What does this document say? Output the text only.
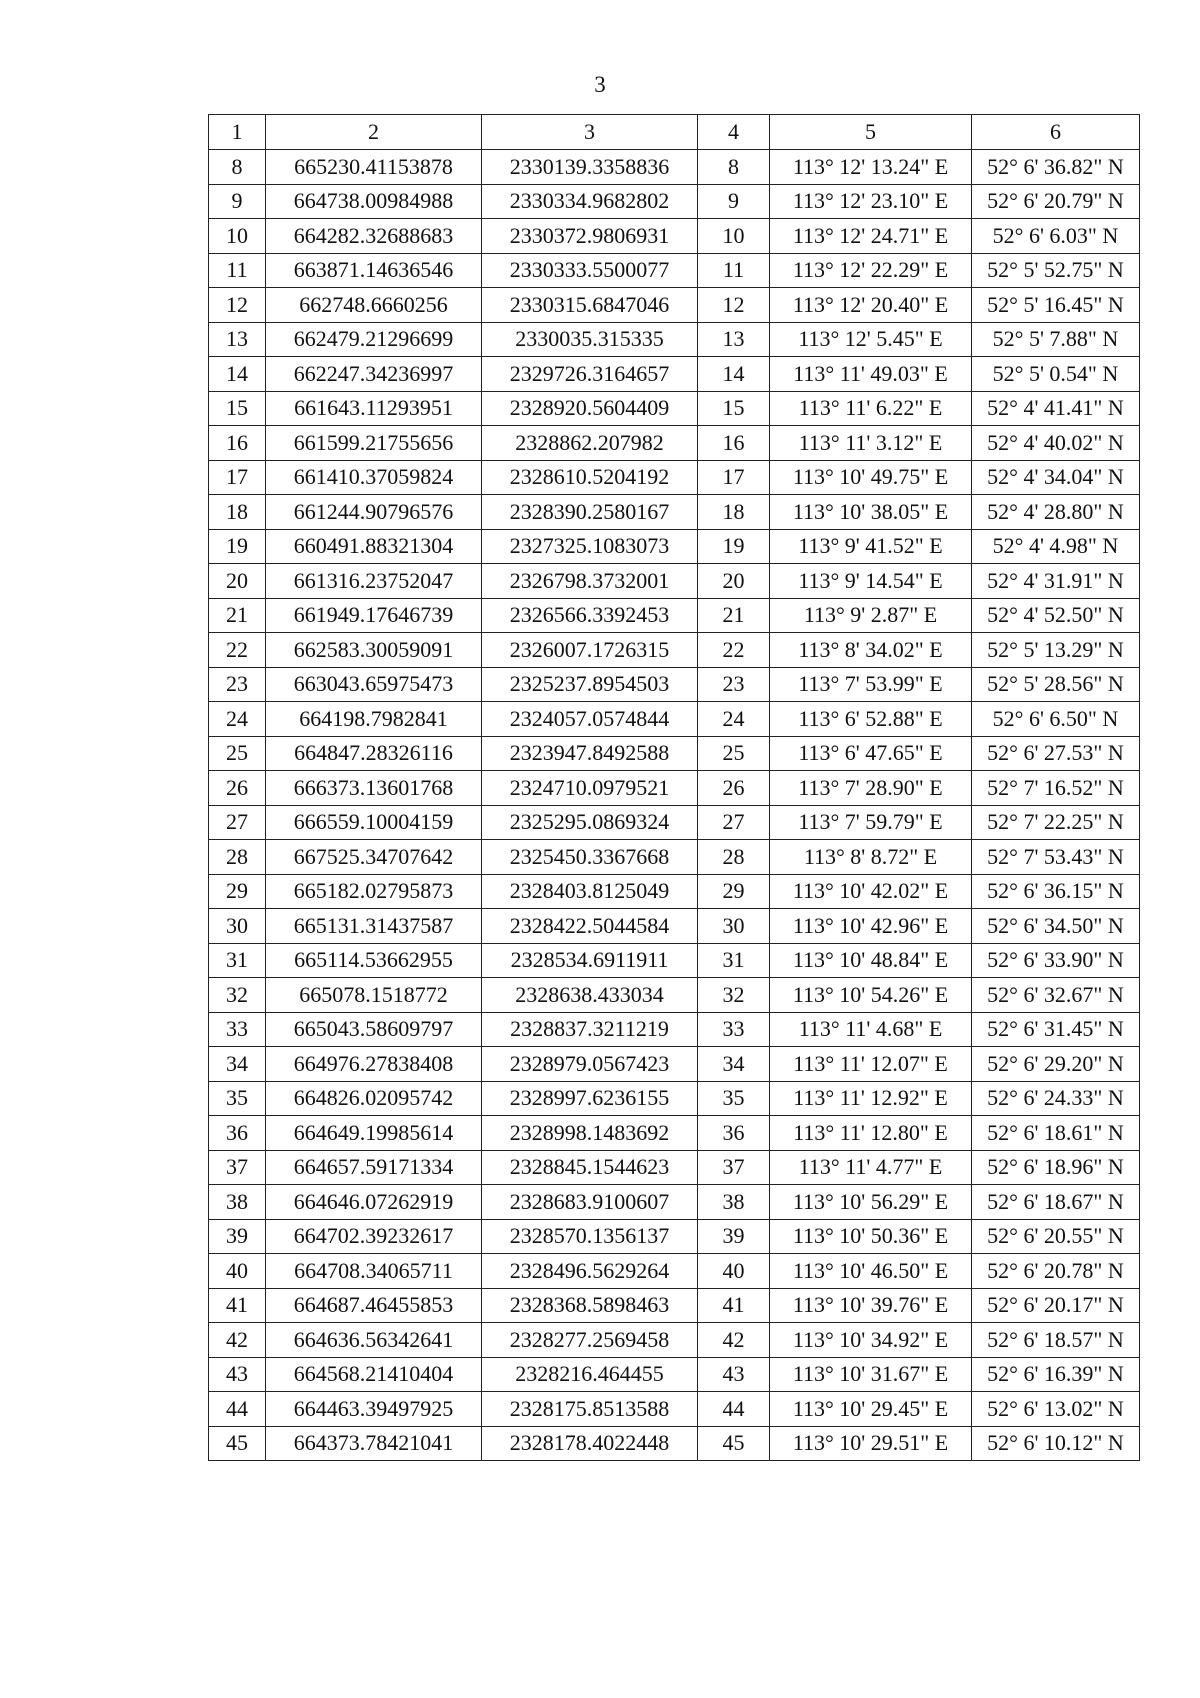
3
1	2	3	4	5	6
8	665230.41153878	2330139.3358836	8	113° 12' 13.24" E	52° 6' 36.82" N
9	664738.00984988	2330334.9682802	9	113° 12' 23.10" E	52° 6' 20.79" N
10	664282.32688683	2330372.9806931	10	113° 12' 24.71" E	52° 6' 6.03" N
11	663871.14636546	2330333.5500077	11	113° 12' 22.29" E	52° 5' 52.75" N
12	662748.6660256	2330315.6847046	12	113° 12' 20.40" E	52° 5' 16.45" N
13	662479.21296699	2330035.315335	13	113° 12' 5.45" E	52° 5' 7.88" N
14	662247.34236997	2329726.3164657	14	113° 11' 49.03" E	52° 5' 0.54" N
15	661643.11293951	2328920.5604409	15	113° 11' 6.22" E	52° 4' 41.41" N
16	661599.21755656	2328862.207982	16	113° 11' 3.12" E	52° 4' 40.02" N
17	661410.37059824	2328610.5204192	17	113° 10' 49.75" E	52° 4' 34.04" N
18	661244.90796576	2328390.2580167	18	113° 10' 38.05" E	52° 4' 28.80" N
19	660491.88321304	2327325.1083073	19	113° 9' 41.52" E	52° 4' 4.98" N
20	661316.23752047	2326798.3732001	20	113° 9' 14.54" E	52° 4' 31.91" N
21	661949.17646739	2326566.3392453	21	113° 9' 2.87" E	52° 4' 52.50" N
22	662583.30059091	2326007.1726315	22	113° 8' 34.02" E	52° 5' 13.29" N
23	663043.65975473	2325237.8954503	23	113° 7' 53.99" E	52° 5' 28.56" N
24	664198.7982841	2324057.0574844	24	113° 6' 52.88" E	52° 6' 6.50" N
25	664847.28326116	2323947.8492588	25	113° 6' 47.65" E	52° 6' 27.53" N
26	666373.13601768	2324710.0979521	26	113° 7' 28.90" E	52° 7' 16.52" N
27	666559.10004159	2325295.0869324	27	113° 7' 59.79" E	52° 7' 22.25" N
28	667525.34707642	2325450.3367668	28	113° 8' 8.72" E	52° 7' 53.43" N
29	665182.02795873	2328403.8125049	29	113° 10' 42.02" E	52° 6' 36.15" N
30	665131.31437587	2328422.5044584	30	113° 10' 42.96" E	52° 6' 34.50" N
31	665114.53662955	2328534.6911911	31	113° 10' 48.84" E	52° 6' 33.90" N
32	665078.1518772	2328638.433034	32	113° 10' 54.26" E	52° 6' 32.67" N
33	665043.58609797	2328837.3211219	33	113° 11' 4.68" E	52° 6' 31.45" N
34	664976.27838408	2328979.0567423	34	113° 11' 12.07" E	52° 6' 29.20" N
35	664826.02095742	2328997.6236155	35	113° 11' 12.92" E	52° 6' 24.33" N
36	664649.19985614	2328998.1483692	36	113° 11' 12.80" E	52° 6' 18.61" N
37	664657.59171334	2328845.1544623	37	113° 11' 4.77" E	52° 6' 18.96" N
38	664646.07262919	2328683.9100607	38	113° 10' 56.29" E	52° 6' 18.67" N
39	664702.39232617	2328570.1356137	39	113° 10' 50.36" E	52° 6' 20.55" N
40	664708.34065711	2328496.5629264	40	113° 10' 46.50" E	52° 6' 20.78" N
41	664687.46455853	2328368.5898463	41	113° 10' 39.76" E	52° 6' 20.17" N
42	664636.56342641	2328277.2569458	42	113° 10' 34.92" E	52° 6' 18.57" N
43	664568.21410404	2328216.464455	43	113° 10' 31.67" E	52° 6' 16.39" N
44	664463.39497925	2328175.8513588	44	113° 10' 29.45" E	52° 6' 13.02" N
45	664373.78421041	2328178.4022448	45	113° 10' 29.51" E	52° 6' 10.12" N
